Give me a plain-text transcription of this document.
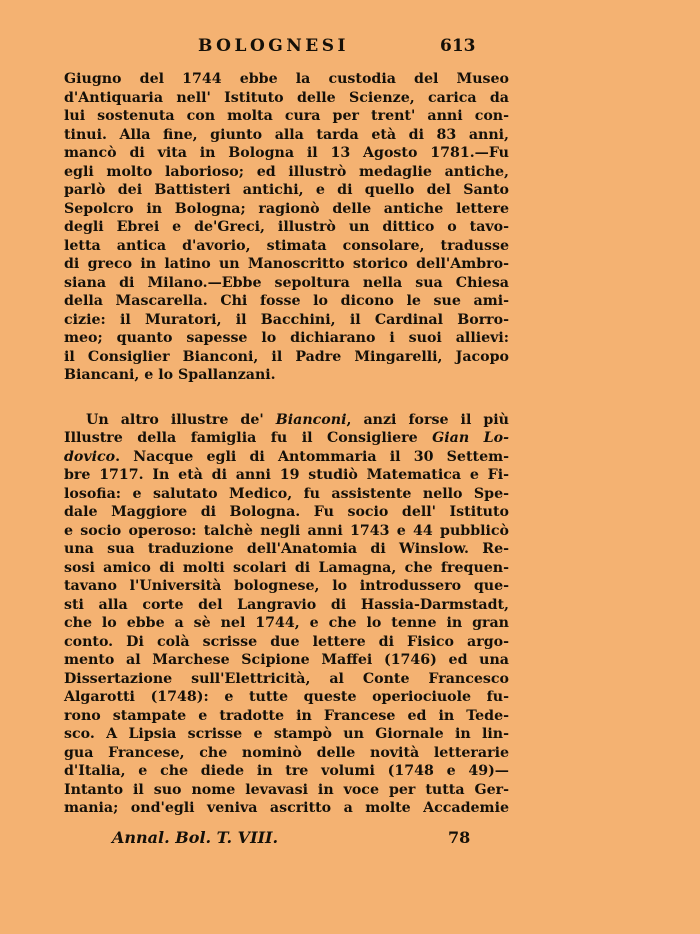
BOLOGNESI	613
Giugno del 1744 ebbe la custodia del Museo
d'Antiquaria nell' Istituto delle Scienze, carica da
lui sostenuta con molta cura per trent' anni con-
tinui. Alla fine, giunto alla tarda età di 83 anni,
mancò di vita in Bologna il 13 Agosto 1781.—Fu
egli molto laborioso; ed illustrò medaglie antiche,
parlò dei Battisteri antichi, e di quello del Santo
Sepolcro in Bologna; ragionò delle antiche lettere
degli Ebrei e de'Greci, illustrò un dittico o tavo-
letta antica d'avorio, stimata consolare, tradusse
di greco in latino un Manoscritto storico dell'Ambro-
siana di Milano.—Ebbe sepoltura nella sua Chiesa
della Mascarella. Chi fosse lo dicono le sue ami-
cizie: il Muratori, il Bacchini, il Cardinal Borro-
meo; quanto sapesse lo dichiarano i suoi allievi:
il Consiglier Bianconi, il Padre Mingarelli, Jacopo
Biancani, e lo Spallanzani.
Un altro illustre de' Bianconi, anzi forse il più
Illustre della famiglia fu il Consigliere Gian Lo-
dovico. Nacque egli di Antommaria il 30 Settem-
bre 1717. In età di anni 19 studiò Matematica e Fi-
losofia: e salutato Medico, fu assistente nello Spe-
dale Maggiore di Bologna. Fu socio dell' Istituto
e socio operoso: talchè negli anni 1743 e 44 pubblicò
una sua traduzione dell'Anatomia di Winslow. Re-
sosi amico di molti scolari di Lamagna, che frequen-
tavano l'Università bolognese, lo introdussero que-
sti alla corte del Langravio di Hassia-Darmstadt,
che lo ebbe a sè nel 1744, e che lo tenne in gran
conto. Di colà scrisse due lettere di Fisico argo-
mento al Marchese Scipione Maffei (1746) ed una
Dissertazione sull'Elettricità, al Conte Francesco
Algarotti (1748): e tutte queste operiociuole fu-
rono stampate e tradotte in Francese ed in Tede-
sco. A Lipsia scrisse e stampò un Giornale in lin-
gua Francese, che nominò delle novità letterarie
d'Italia, e che diede in tre volumi (1748 e 49)—
Intanto il suo nome levavasi in voce per tutta Ger-
mania; ond'egli veniva ascritto a molte Accademie
Annal. Bol. T. VIII.	78
